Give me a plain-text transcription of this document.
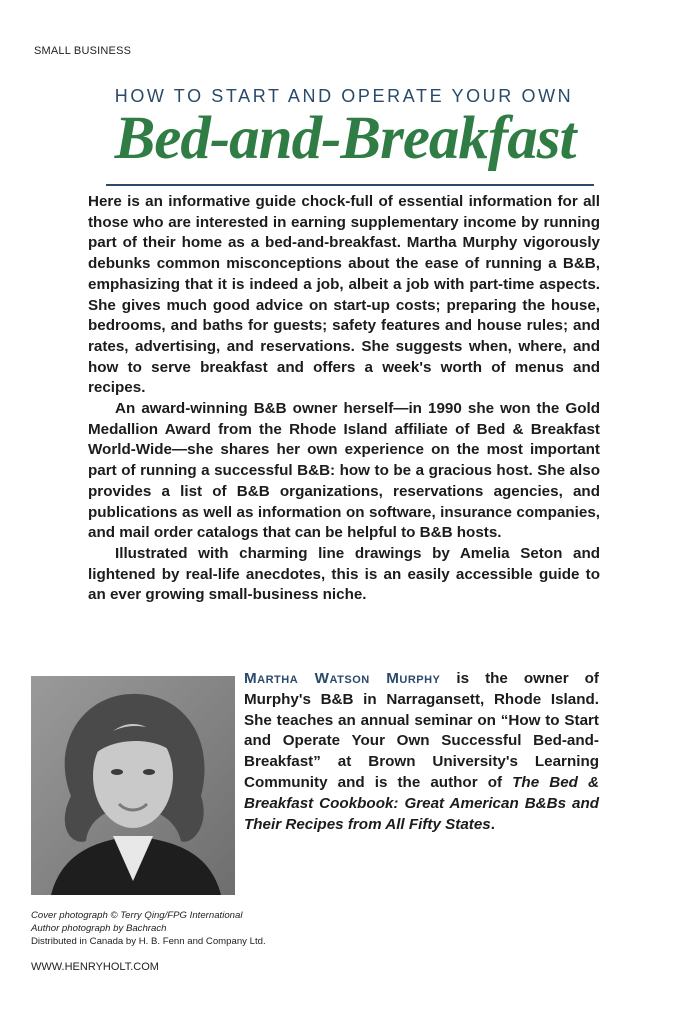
SMALL BUSINESS
HOW TO START AND OPERATE YOUR OWN
Bed-and-Breakfast

Here is an informative guide chock-full of essential information for all those who are interested in earning supplementary income by running part of their home as a bed-and-breakfast. Martha Murphy vigorously debunks common misconceptions about the ease of running a B&B, emphasizing that it is indeed a job, albeit a job with part-time aspects. She gives much good advice on start-up costs; preparing the house, bedrooms, and baths for guests; safety features and house rules; and rates, advertising, and reservations. She suggests when, where, and how to serve breakfast and offers a week's worth of menus and recipes.

An award-winning B&B owner herself—in 1990 she won the Gold Medallion Award from the Rhode Island affiliate of Bed & Breakfast World-Wide—she shares her own experience on the most important part of running a successful B&B: how to be a gracious host. She also provides a list of B&B organizations, reservations agencies, and publications as well as information on software, insurance companies, and mail order catalogs that can be helpful to B&B hosts.

Illustrated with charming line drawings by Amelia Seton and lightened by real-life anecdotes, this is an easily accessible guide to an ever growing small-business niche.

Martha Watson Murphy is the owner of Murphy's B&B in Narragansett, Rhode Island. She teaches an annual seminar on “How to Start and Operate Your Own Successful Bed-and-Breakfast” at Brown University's Learning Community and is the author of The Bed & Breakfast Cookbook: Great American B&Bs and Their Recipes from All Fifty States.
Cover photograph © Terry Qing/FPG International
Author photograph by Bachrach
Distributed in Canada by H. B. Fenn and Company Ltd.
WWW.HENRYHOLT.COM
